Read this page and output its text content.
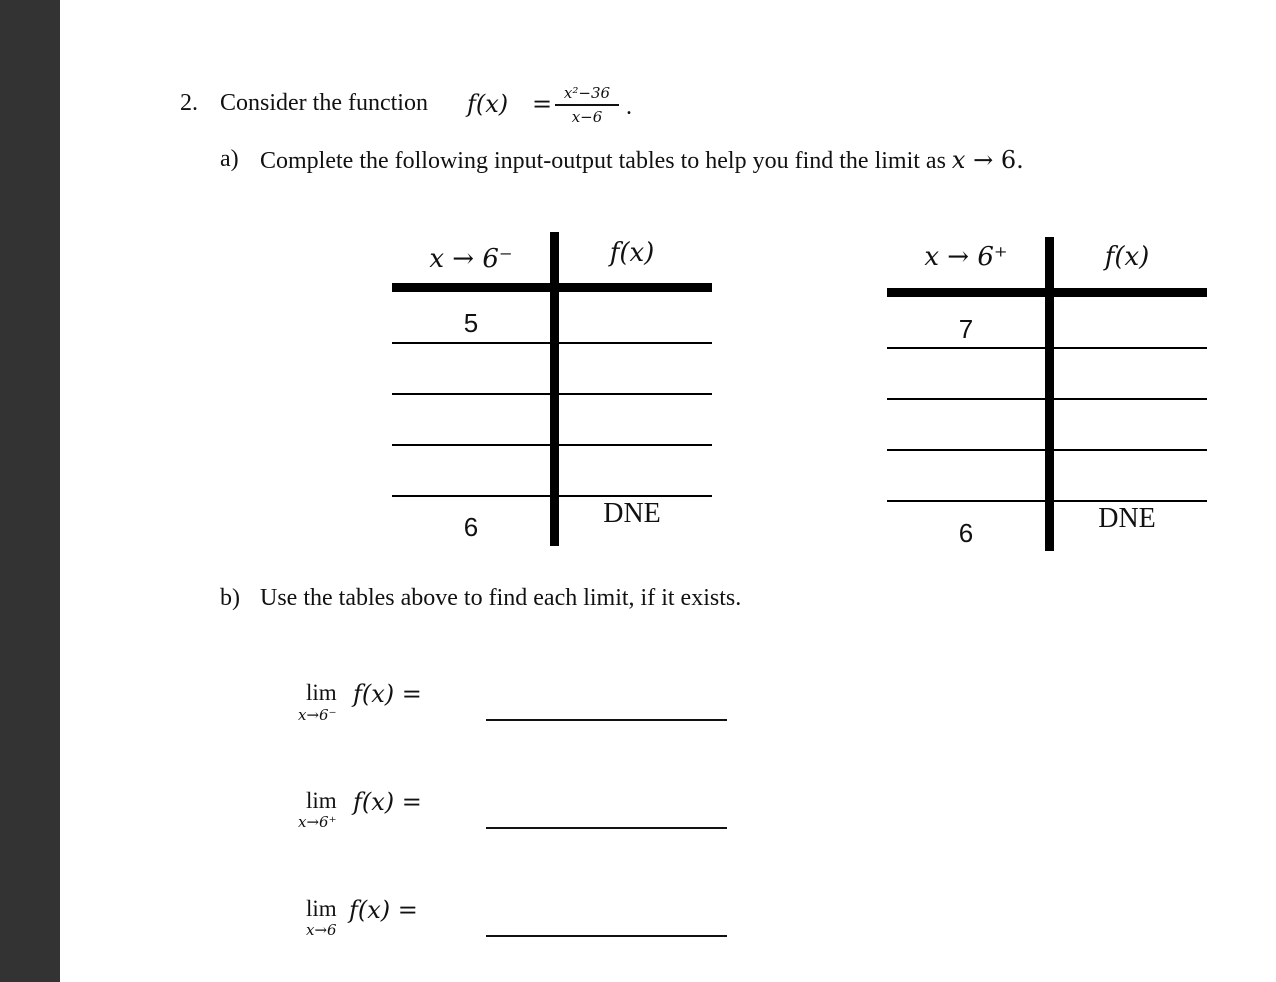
2. Consider the function f(x) = x²−36
x−6 .
a) Complete the following input-output tables to help you find the limit as x → 6.
x → 6⁻	f(x)
5
6	DNE
x → 6⁺	f(x)
7
6	DNE
b) Use the tables above to find each limit, if it exists.
lim
x→6⁻
f(x) =
lim
x→6⁺
f(x) =
lim
x→6
f(x) =
